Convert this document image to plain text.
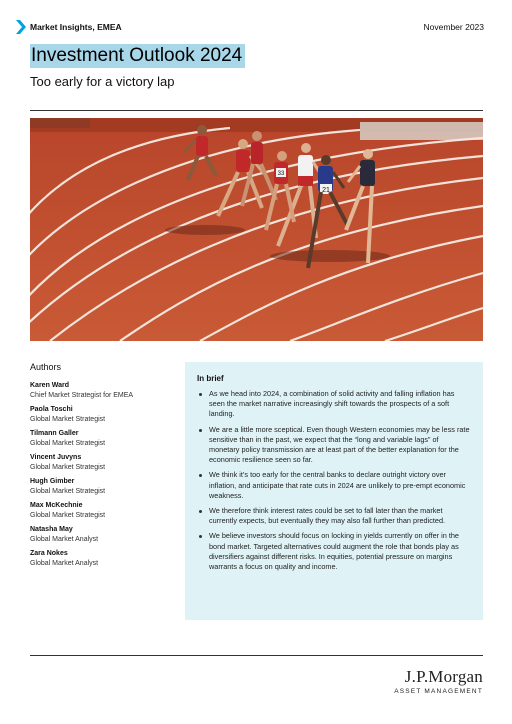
Market Insights, EMEA	November 2023
Investment Outlook 2024
Too early for a victory lap
21
33
Authors
Karen Ward
Chief Market Strategist for EMEA
Paola Toschi
Global Market Strategist
Tilmann Galler
Global Market Strategist
Vincent Juvyns
Global Market Strategist
Hugh Gimber
Global Market Strategist
Max McKechnie
Global Market Strategist
Natasha May
Global Market Analyst
Zara Nokes
Global Market Analyst
In brief
As we head into 2024, a combination of solid activity and falling inflation has seen the market narrative increasingly shift towards the prospects of a soft landing.
We are a little more sceptical. Even though Western economies may be less rate sensitive than in the past, we expect that the “long and variable lags” of monetary policy transmission are at least part of the better explanation for the economic resilience seen so far.
We think it’s too early for the central banks to declare outright victory over inflation, and anticipate that rate cuts in 2024 are unlikely to pre-empt economic weakness.
We therefore think interest rates could be set to fall later than the market currently expects, but eventually they may also fall further than predicted.
We believe investors should focus on locking in yields currently on offer in the bond market. Targeted alternatives could augment the role that bonds play as diversifiers against different risks. In equities, potential pressure on margins warrants a focus on quality and income.
J.P.Morgan
ASSET MANAGEMENT
